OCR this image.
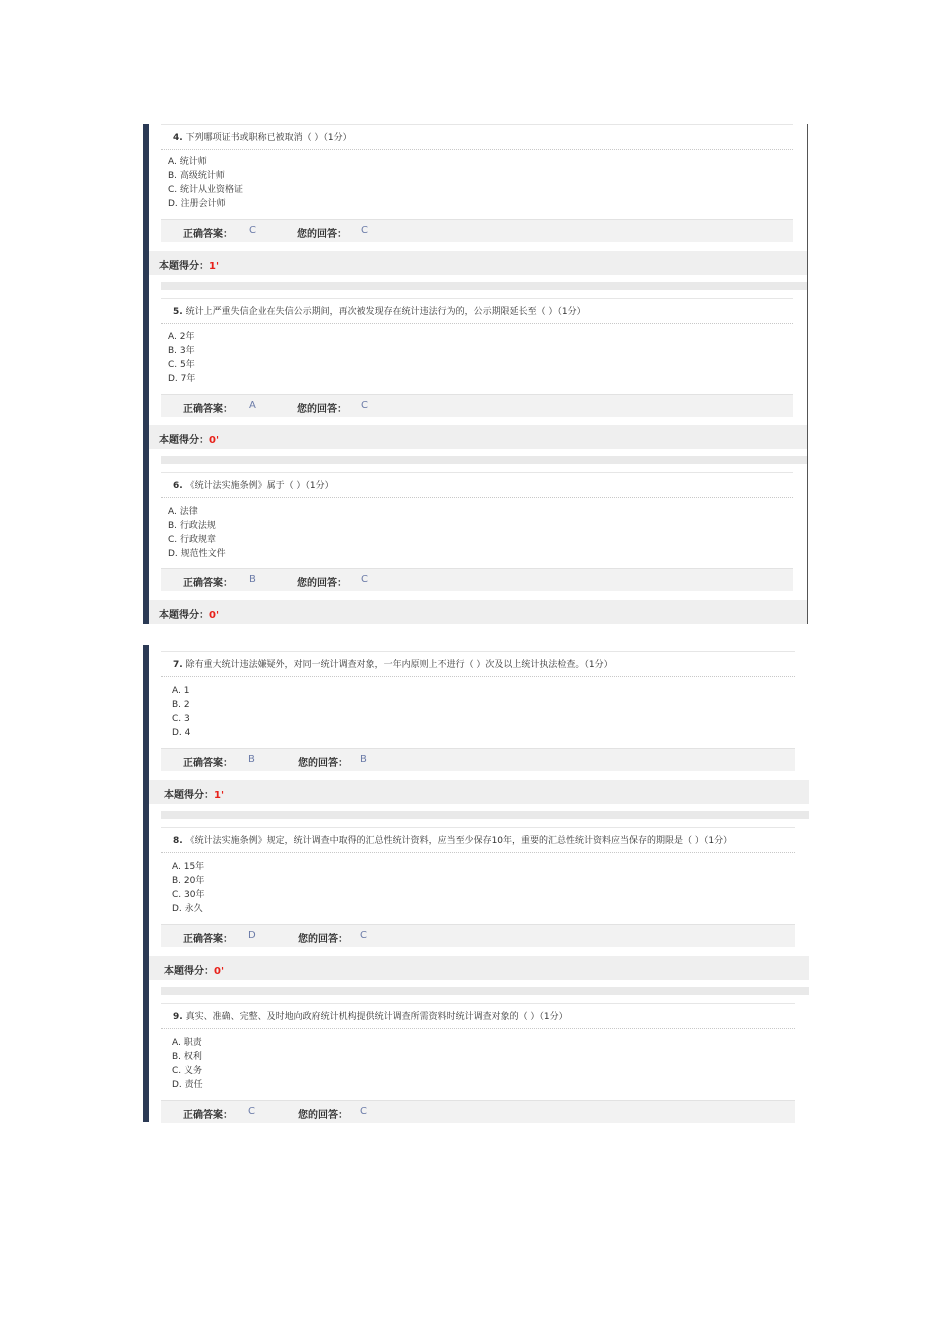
4. 下列哪项证书或职称已被取消（ ）（1分）
A. 统计师
B. 高级统计师
C. 统计从业资格证
D. 注册会计师
正确答案： C	您的回答： C
本题得分：1'
5. 统计上严重失信企业在失信公示期间，再次被发现存在统计违法行为的，公示期限延长至（ ）（1分）
A. 2年
B. 3年
C. 5年
D. 7年
正确答案： A	您的回答： C
本题得分：0'
6. 《统计法实施条例》属于（ ）（1分）
A. 法律
B. 行政法规
C. 行政规章
D. 规范性文件
正确答案： B	您的回答： C
本题得分：0'
7. 除有重大统计违法嫌疑外，对同一统计调查对象，一年内原则上不进行（ ）次及以上统计执法检查。（1分）
A. 1
B. 2
C. 3
D. 4
正确答案： B	您的回答： B
本题得分：1'
8. 《统计法实施条例》规定，统计调查中取得的汇总性统计资料，应当至少保存10年，重要的汇总性统计资料应当保存的期限是（ ）（1分）
A. 15年
B. 20年
C. 30年
D. 永久
正确答案： D	您的回答： C
本题得分：0'
9. 真实、准确、完整、及时地向政府统计机构提供统计调查所需资料时统计调查对象的（ ）（1分）
A. 职责
B. 权利
C. 义务
D. 责任
正确答案： C	您的回答： C
